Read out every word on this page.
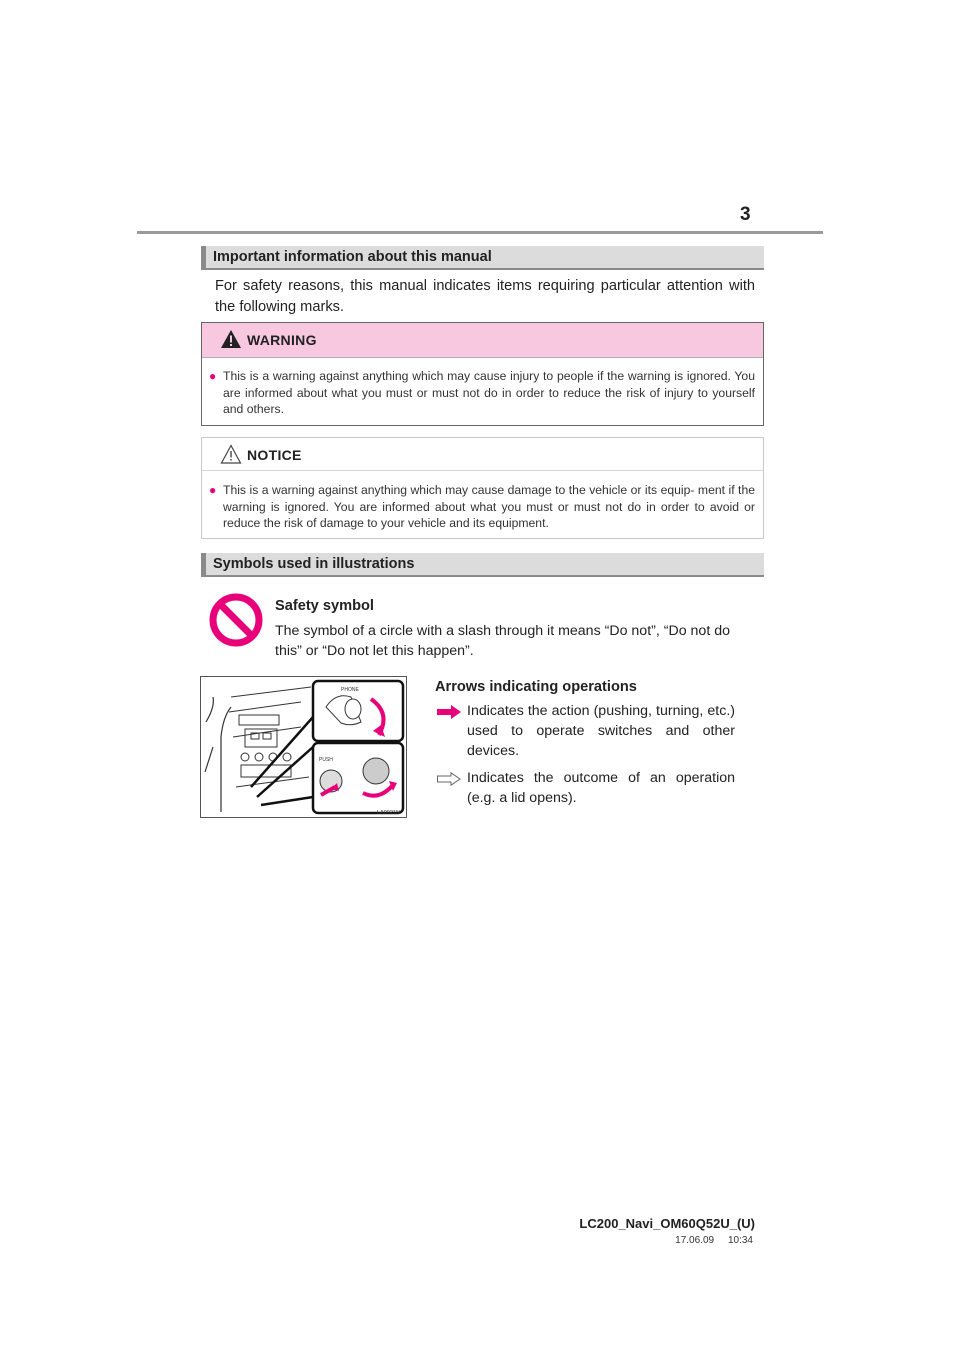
3
Important information about this manual
For safety reasons, this manual indicates items requiring particular attention with the following marks.
WARNING
● This is a warning against anything which may cause injury to people if the warning is ignored. You are informed about what you must or must not do in order to reduce the risk of injury to yourself and others.
NOTICE
● This is a warning against anything which may cause damage to the vehicle or its equip- ment if the warning is ignored. You are informed about what you must or must not do in order to avoid or reduce the risk of damage to your vehicle and its equipment.
Symbols used in illustrations
Safety symbol
The symbol of a circle with a slash through it means “Do not”, “Do not do this” or “Do not let this happen”.
PHONE
PUSH
LA0921N
Arrows indicating operations
Indicates the action (pushing, turning, etc.) used to operate switches and other devices.
Indicates the outcome of an operation (e.g. a lid opens).
LC200_Navi_OM60Q52U_(U)
17.06.09     10:34
